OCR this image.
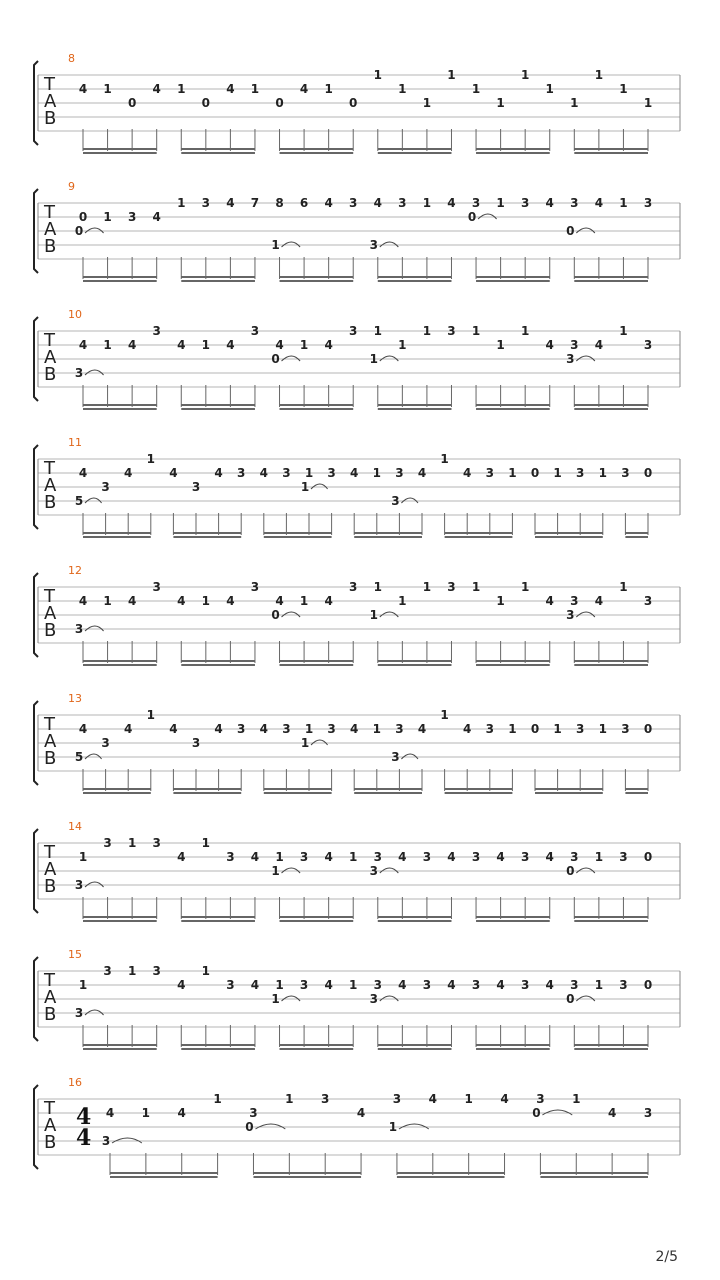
T
A
B
8
4 1
0
4 1
0
4 1
0
4 1
0
1
1
1
1
1
1
1
1
1
1
1
1
T
A
B
9
0
0
1 3 4
1 3 4 7 8
1
6 4 3 4
3
3 1 4 3
0
1 3 4 3
0
4 1 3
T
A
B
10
4
3
1 4
3
4 1 4
3
4
0
1 4
3 1
1
1
1 3 1
1
1
4 3
3
4
1
3
T
A
B
11
4
5
3
4
1
4
3
4 3 4 3 1
1
3 4 1 3
3
4
1
4 3 1 0 1 3 1 3 0
T
A
B
12
4
3
1 4
3
4 1 4
3
4
0
1 4
3 1
1
1
1 3 1
1
1
4 3
3
4
1
3
T
A
B
13
4
5
3
4
1
4
3
4 3 4 3 1
1
3 4 1 3
3
4
1
4 3 1 0 1 3 1 3 0
T
A
B
14
1
3
3 1 3
4
1
3 4 1
1
3 4 1 3
3
4 3 4 3 4 3 4 3
0
1 3 0
T
A
B
15
1
3
3 1 3
4
1
3 4 1
1
3 4 1 3
3
4 3 4 3 4 3 4 3
0
1 3 0
T
A
B
16
4
4
4
3
1 4
1
3
0
1 3
4
3
1
4 1 4 3
0
1
4 3
2/5
